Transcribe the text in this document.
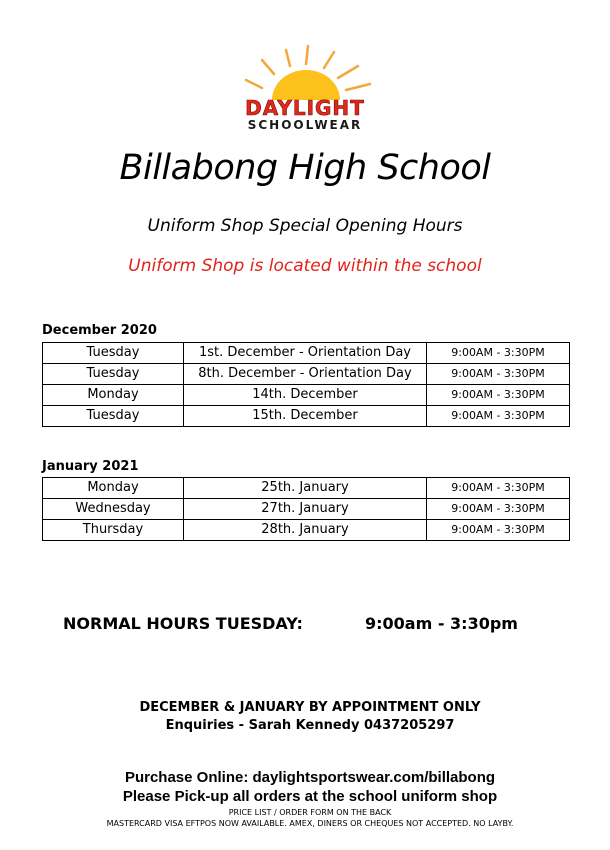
DAYLIGHT
SCHOOLWEAR
Billabong High School
Uniform Shop Special Opening Hours
Uniform Shop is located within the school
December 2020
Tuesday	1st. December - Orientation Day	9:00AM - 3:30PM
Tuesday	8th. December - Orientation Day	9:00AM - 3:30PM
Monday	14th. December	9:00AM - 3:30PM
Tuesday	15th. December	9:00AM - 3:30PM
January 2021
Monday	25th. January	9:00AM - 3:30PM
Wednesday	27th. January	9:00AM - 3:30PM
Thursday	28th. January	9:00AM - 3:30PM
NORMAL HOURS TUESDAY:	9:00am - 3:30pm
DECEMBER & JANUARY BY APPOINTMENT ONLY
Enquiries - Sarah Kennedy 0437205297
Purchase Online: daylightsportswear.com/billabong
Please Pick-up all orders at the school uniform shop
PRICE LIST / ORDER FORM ON THE BACK
MASTERCARD VISA EFTPOS NOW AVAILABLE. AMEX, DINERS OR CHEQUES NOT ACCEPTED. NO LAYBY.
